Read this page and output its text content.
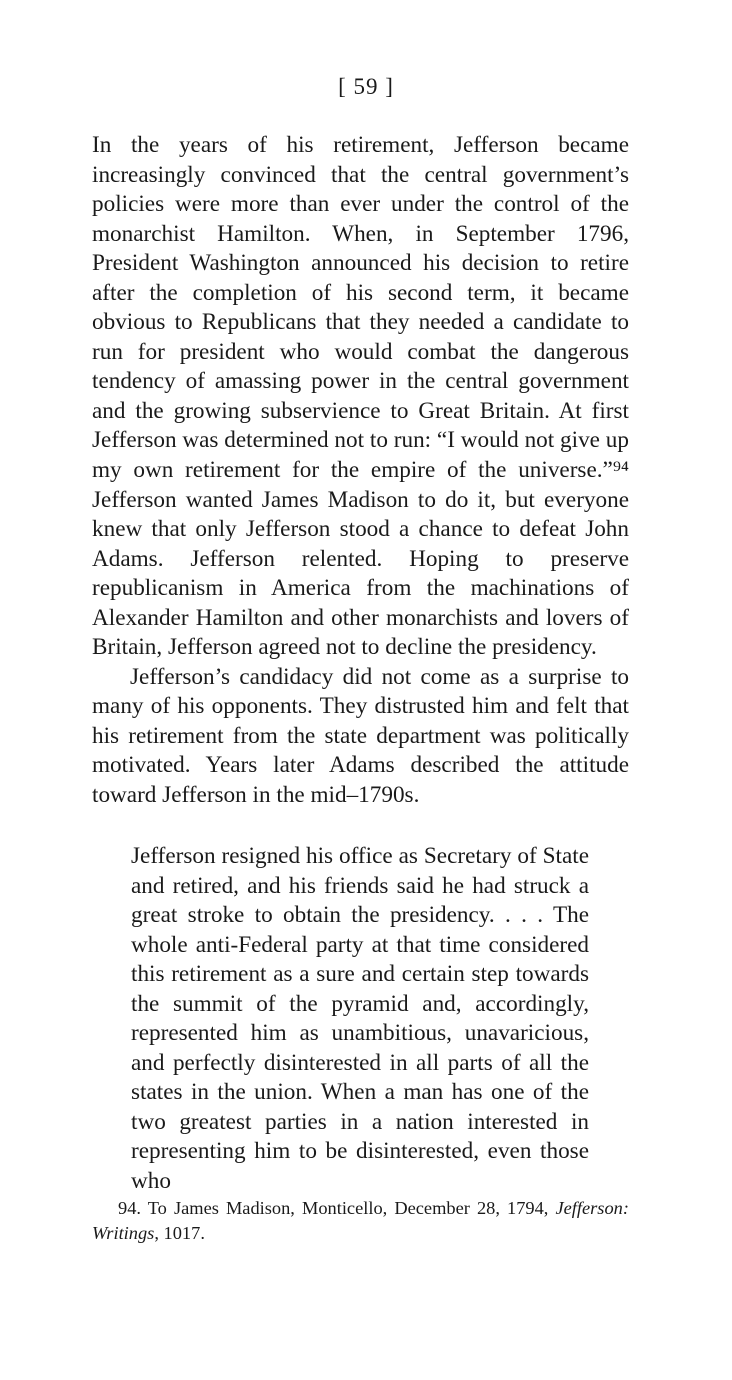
[ 59 ]

In the years of his retirement, Jefferson became increasingly convinced that the central government’s policies were more than ever under the control of the monarchist Hamilton. When, in September 1796, President Washington announced his decision to retire after the completion of his second term, it became obvious to Republicans that they needed a candidate to run for president who would combat the dangerous tendency of amassing power in the central government and the growing subservience to Great Britain. At first Jefferson was determined not to run: “I would not give up my own retirement for the empire of the universe.”⁹⁴ Jefferson wanted James Madison to do it, but everyone knew that only Jefferson stood a chance to defeat John Adams. Jefferson relented. Hoping to preserve republicanism in America from the machinations of Alexander Hamilton and other monarchists and lovers of Britain, Jefferson agreed not to decline the presidency.

Jefferson’s candidacy did not come as a surprise to many of his opponents. They distrusted him and felt that his retirement from the state department was politically motivated. Years later Adams described the attitude toward Jefferson in the mid–1790s.

Jefferson resigned his office as Secretary of State and retired, and his friends said he had struck a great stroke to obtain the presidency. . . . The whole anti-Federal party at that time considered this retirement as a sure and certain step towards the summit of the pyramid and, accordingly, represented him as unambitious, unavaricious, and perfectly disinterested in all parts of all the states in the union. When a man has one of the two greatest parties in a nation interested in representing him to be disinterested, even those who

94. To James Madison, Monticello, December 28, 1794, Jefferson: Writings, 1017.
